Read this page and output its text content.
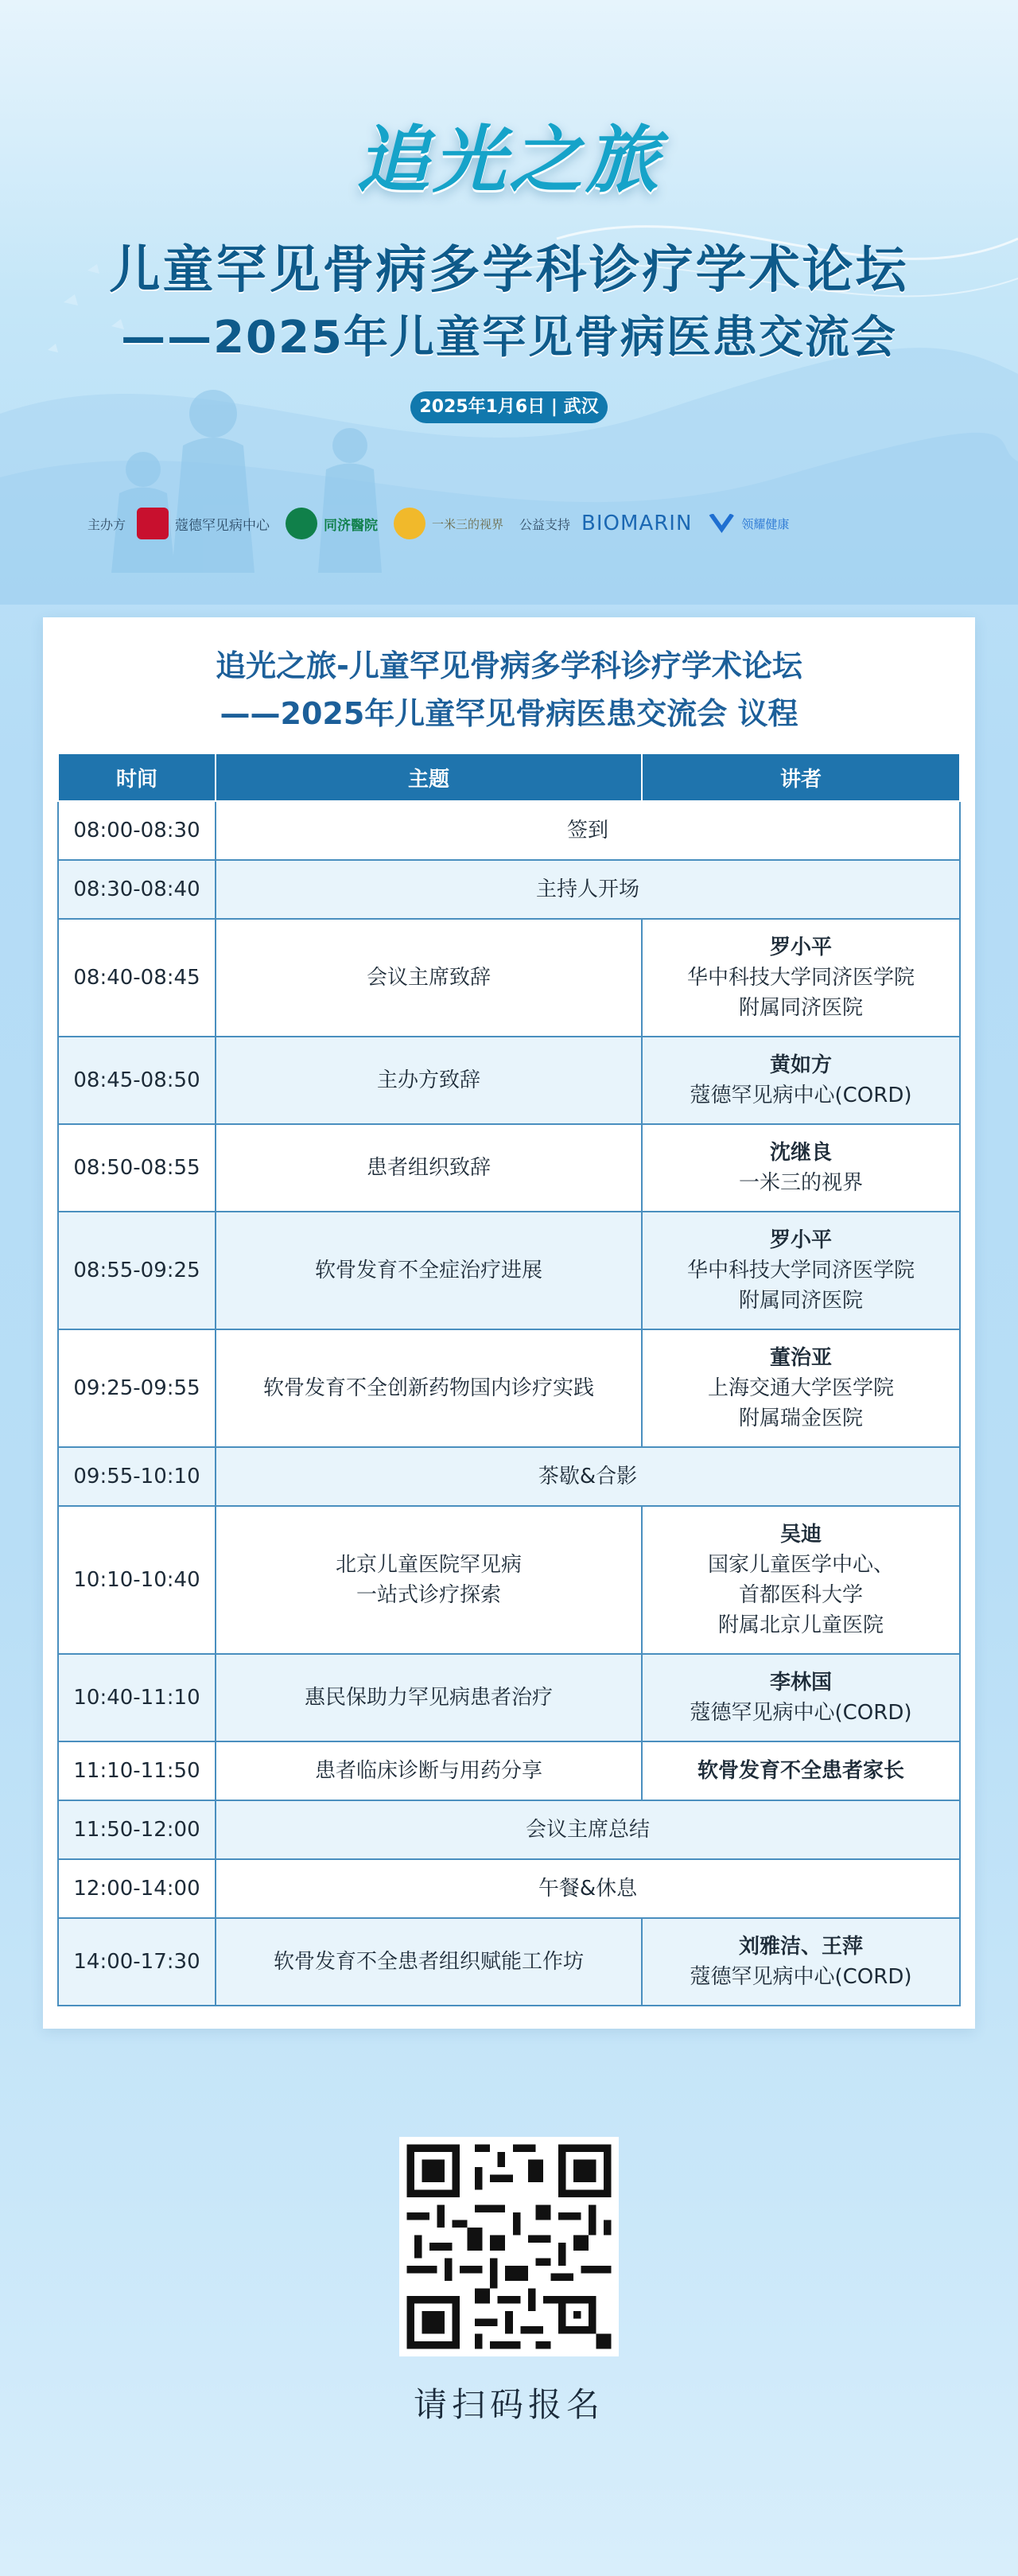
追光之旅
儿童罕见骨病多学科诊疗学术论坛
——2025年儿童罕见骨病医患交流会
2025年1月6日 | 武汉
主办方	蔻德罕见病中心	同济醫院	一米三的视界 公益支持 BIOMARIN	领耀健康
追光之旅-儿童罕见骨病多学科诊疗学术论坛
——2025年儿童罕见骨病医患交流会 议程
时间	主题	讲者
08:00-08:30	签到	
08:30-08:40	主持人开场	
08:40-08:45	会议主席致辞	罗小平
华中科技大学同济医学院
附属同济医院

08:45-08:50	主办方致辞	黄如方
蔻德罕见病中心(CORD)

08:50-08:55	患者组织致辞	沈继良
一米三的视界

08:55-09:25	软骨发育不全症治疗进展	罗小平
华中科技大学同济医学院
附属同济医院

09:25-09:55	软骨发育不全创新药物国内诊疗实践	董治亚
上海交通大学医学院
附属瑞金医院

09:55-10:10	茶歇&合影	
10:10-10:40	北京儿童医院罕见病
一站式诊疗探索	吴迪
国家儿童医学中心、
首都医科大学
附属北京儿童医院

10:40-11:10	惠民保助力罕见病患者治疗	李林国
蔻德罕见病中心(CORD)

11:10-11:50	患者临床诊断与用药分享	软骨发育不全患者家长
11:50-12:00	会议主席总结	
12:00-14:00	午餐&休息	
14:00-17:30	软骨发育不全患者组织赋能工作坊	刘雅洁、王萍
蔻德罕见病中心(CORD)
请扫码报名
